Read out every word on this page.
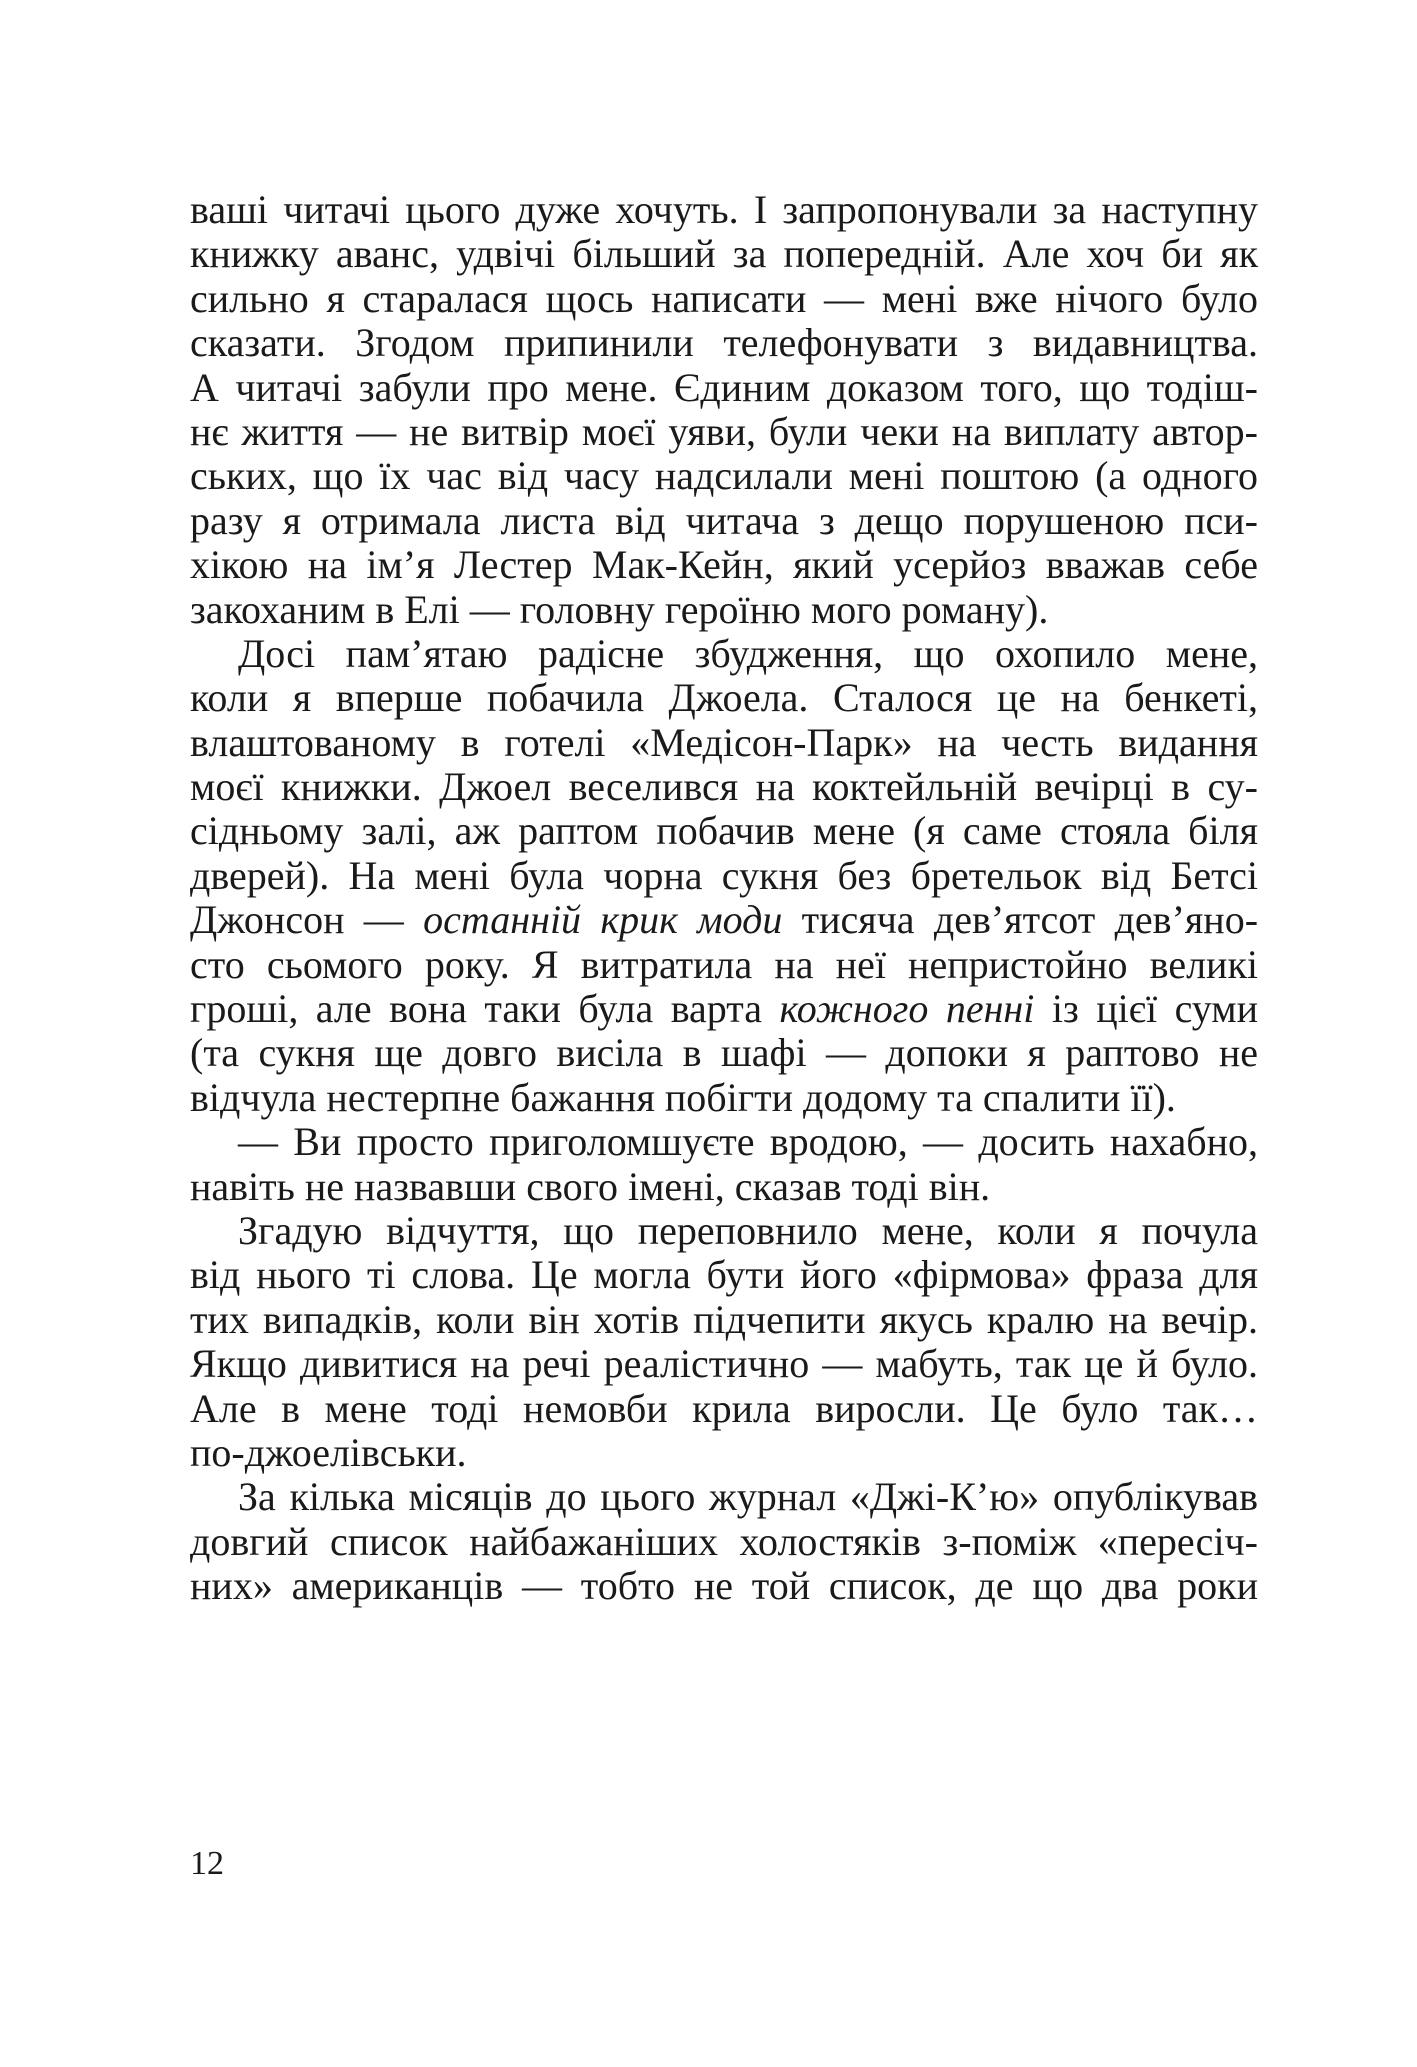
ваші читачі цього дуже хочуть. І запропонували за наступну
книжку аванс, удвічі більший за попередній. Але хоч би як
сильно я старалася щось написати — мені вже нічого було
сказати. Згодом припинили телефонувати з видавництва.
А читачі забули про мене. Єдиним доказом того, що тодіш-
нє життя — не витвір моєї уяви, були чеки на виплату автор-
ських, що їх час від часу надсилали мені поштою (а одного
разу я отримала листа від читача з дещо порушеною пси-
хікою на ім’я Лестер Мак-Кейн, який усерйоз вважав себе
закоханим в Елі — головну героїню мого роману).
Досі пам’ятаю радісне збудження, що охопило мене,
коли я вперше побачила Джоела. Сталося це на бенкеті,
влаштованому в готелі «Медісон-Парк» на честь видання
моєї книжки. Джоел веселився на коктейльній вечірці в су-
сідньому залі, аж раптом побачив мене (я саме стояла біля
дверей). На мені була чорна сукня без бретельок від Бетсі
Джонсон — останній крик моди тисяча дев’ятсот дев’яно-
сто сьомого року. Я витратила на неї непристойно великі
гроші, але вона таки була варта кожного пенні із цієї суми
(та сукня ще довго висіла в шафі — допоки я раптово не
відчула нестерпне бажання побігти додому та спалити її).
— Ви просто приголомшуєте вродою, — досить нахабно,
навіть не назвавши свого імені, сказав тоді він.
Згадую відчуття, що переповнило мене, коли я почула
від нього ті слова. Це могла бути його «фірмова» фраза для
тих випадків, коли він хотів підчепити якусь кралю на вечір.
Якщо дивитися на речі реалістично — мабуть, так це й було.
Але в мене тоді немовби крила виросли. Це було так…
по-джоелівськи.
За кілька місяців до цього журнал «Джі-К’ю» опублікував
довгий список найбажаніших холостяків з-поміж «пересіч-
них» американців — тобто не той список, де що два роки
12
